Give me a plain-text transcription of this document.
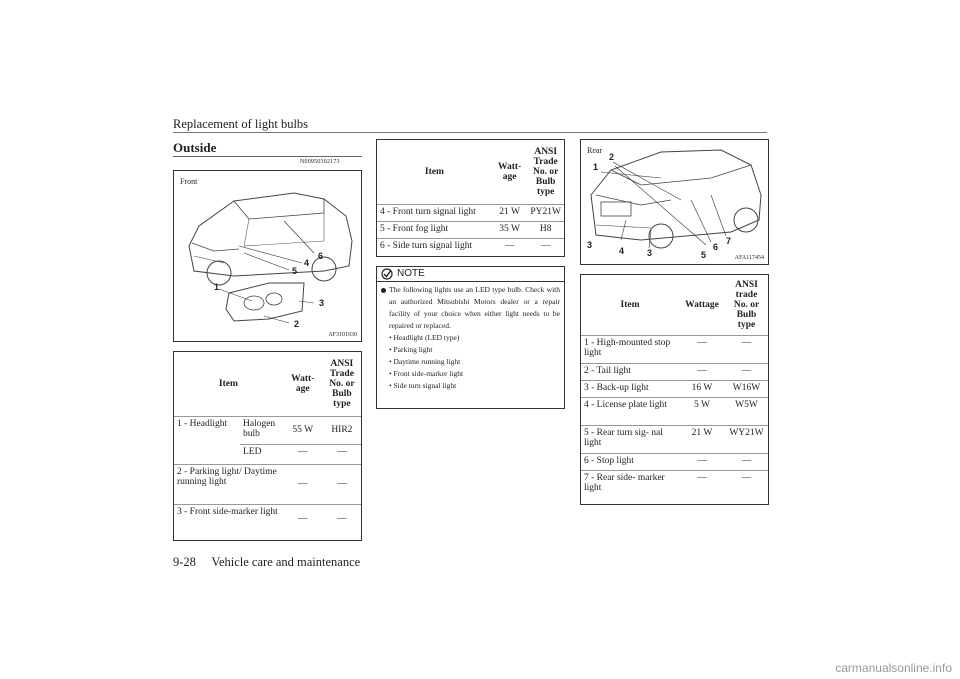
Replacement of light bulbs
Outside
N00950302173
Front
1
2
3
4
5
6
AF3101930
Item		Watt-age	ANSI Trade No. or Bulb type
1 - Headlight	Halogen bulb	55 W	HIR2
	LED	—	—
2 - Parking light/ Daytime running light		—	—
3 - Front side-marker light		—	—
Item	Watt-age	ANSI Trade No. or Bulb type
4 - Front turn signal light	21 W	PY21W
5 - Front fog light	35 W	H8
6 - Side turn signal light	—	—
NOTE

The following lights use an LED type bulb. Check with an authorized Mitsubishi Motors dealer or a repair facility of your choice when either light needs to be repaired or replaced.

• Headlight (LED type)
• Parking light
• Daytime running light
• Front side-marker light
• Side turn signal light
Rear
1
2
3
4	3	5
6
7
AFA117454
Item	Wattage	ANSI trade No. or Bulb type
1 - High-mounted stop light	—	—
2 - Tail light	—	—
3 - Back-up light	16 W	W16W
4 - License plate light	5 W	W5W
5 - Rear turn sig- nal light	21 W	WY21W
6 - Stop light	—	—
7 - Rear side- marker light	—	—
9-28 Vehicle care and maintenance
carmanualsonline.info
